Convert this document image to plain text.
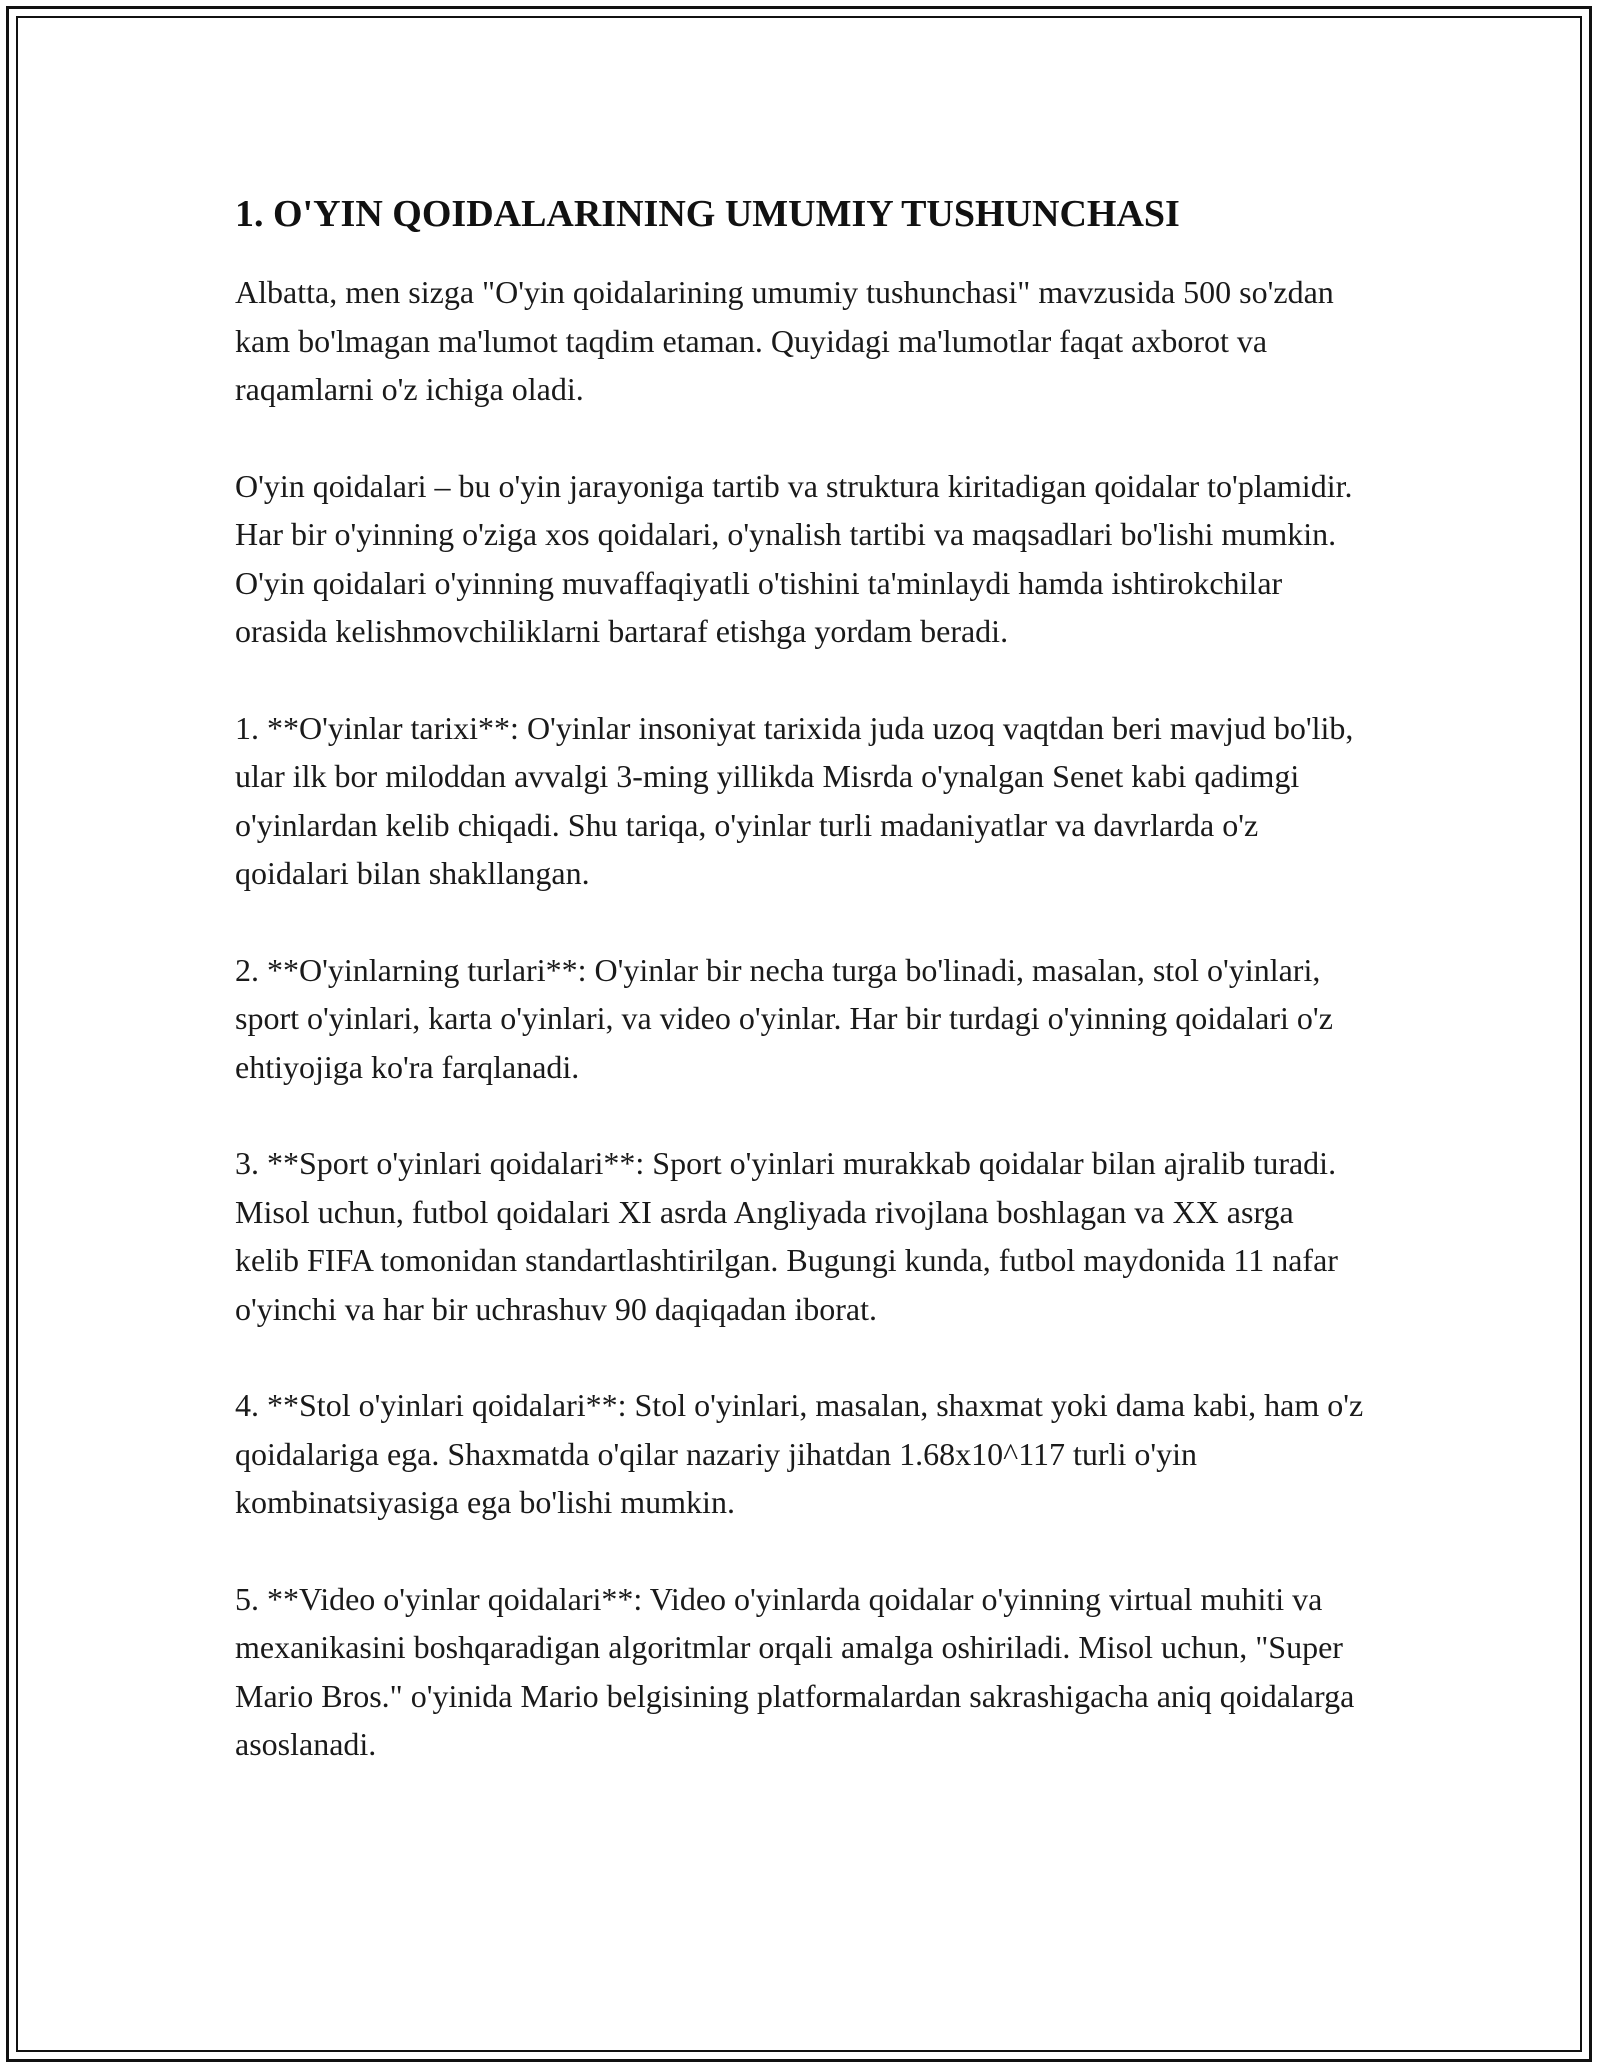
1. O'YIN QOIDALARINING UMUMIY TUSHUNCHASI

Albatta, men sizga "O'yin qoidalarining umumiy tushunchasi" mavzusida 500 so'zdan kam bo'lmagan ma'lumot taqdim etaman. Quyidagi ma'lumotlar faqat axborot va raqamlarni o'z ichiga oladi.

O'yin qoidalari – bu o'yin jarayoniga tartib va struktura kiritadigan qoidalar to'plamidir. Har bir o'yinning o'ziga xos qoidalari, o'ynalish tartibi va maqsadlari bo'lishi mumkin. O'yin qoidalari o'yinning muvaffaqiyatli o'tishini ta'minlaydi hamda ishtirokchilar orasida kelishmovchiliklarni bartaraf etishga yordam beradi.

1. **O'yinlar tarixi**: O'yinlar insoniyat tarixida juda uzoq vaqtdan beri mavjud bo'lib, ular ilk bor miloddan avvalgi 3-ming yillikda Misrda o'ynalgan Senet kabi qadimgi o'yinlardan kelib chiqadi. Shu tariqa, o'yinlar turli madaniyatlar va davrlarda o'z qoidalari bilan shakllangan.

2. **O'yinlarning turlari**: O'yinlar bir necha turga bo'linadi, masalan, stol o'yinlari, sport o'yinlari, karta o'yinlari, va video o'yinlar. Har bir turdagi o'yinning qoidalari o'z ehtiyojiga ko'ra farqlanadi.

3. **Sport o'yinlari qoidalari**: Sport o'yinlari murakkab qoidalar bilan ajralib turadi. Misol uchun, futbol qoidalari XI asrda Angliyada rivojlana boshlagan va XX asrga kelib FIFA tomonidan standartlashtirilgan. Bugungi kunda, futbol maydonida 11 nafar o'yinchi va har bir uchrashuv 90 daqiqadan iborat.

4. **Stol o'yinlari qoidalari**: Stol o'yinlari, masalan, shaxmat yoki dama kabi, ham o'z qoidalariga ega. Shaxmatda o'qilar nazariy jihatdan 1.68x10^117 turli o'yin kombinatsiyasiga ega bo'lishi mumkin.

5. **Video o'yinlar qoidalari**: Video o'yinlarda qoidalar o'yinning virtual muhiti va mexanikasini boshqaradigan algoritmlar orqali amalga oshiriladi. Misol uchun, "Super Mario Bros." o'yinida Mario belgisining platformalardan sakrashigacha aniq qoidalarga asoslanadi.
